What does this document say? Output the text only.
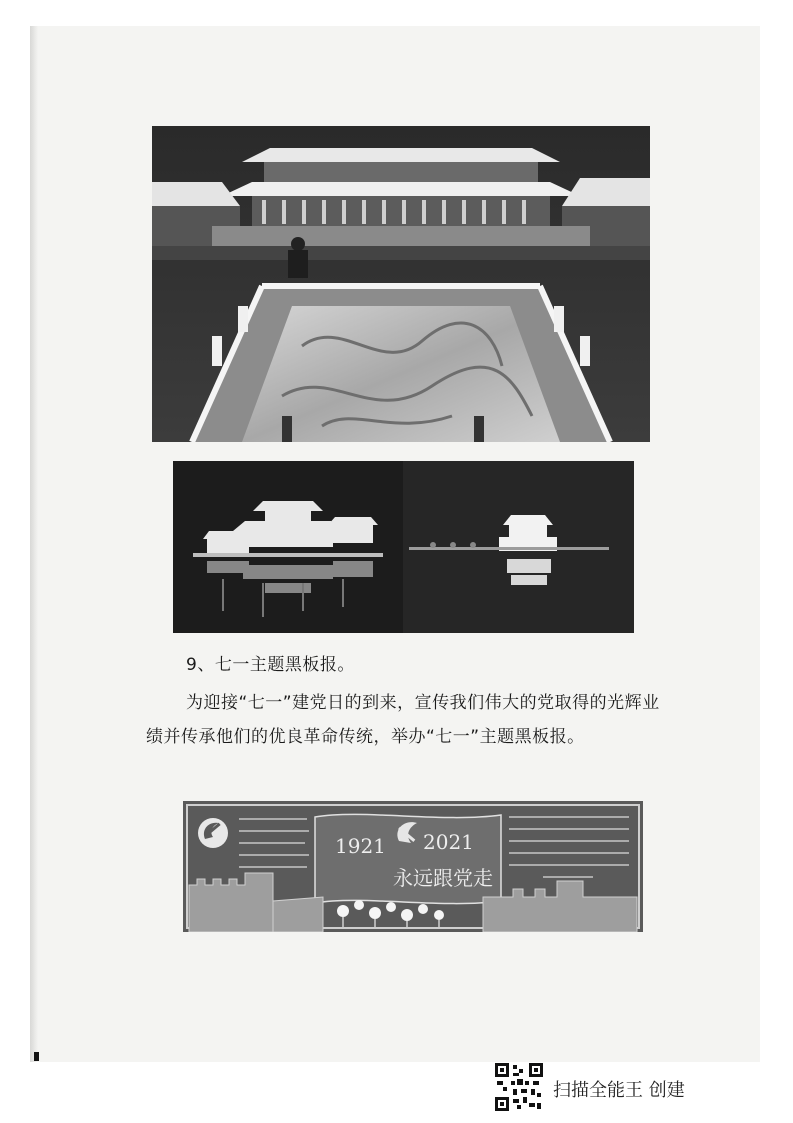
9、七一主题黑板报。

为迎接“七一”建党日的到来，宣传我们伟大的党取得的光辉业绩并传承他们的优良革命传统，举办“七一”主题黑板报。

1921 2021
永远跟党走
扫描全能王 创建
